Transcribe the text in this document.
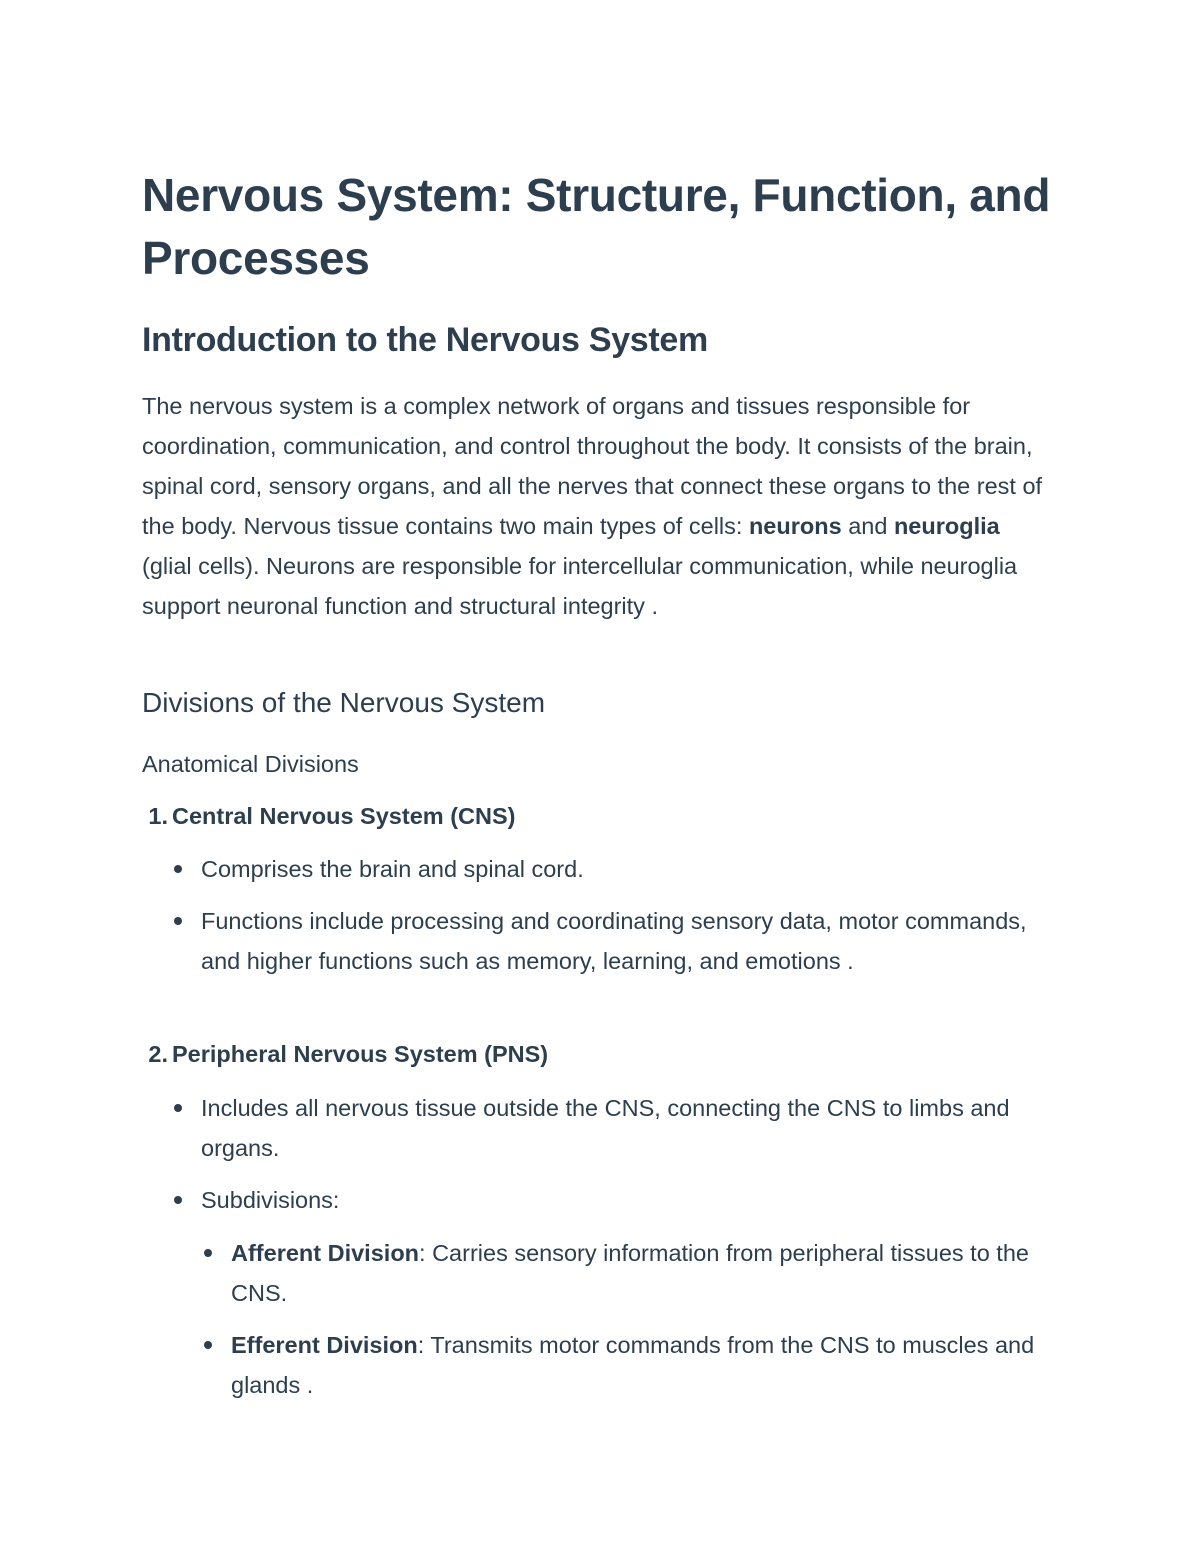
Nervous System: Structure, Function, and Processes
Introduction to the Nervous System

The nervous system is a complex network of organs and tissues responsible for coordination, communication, and control throughout the body. It consists of the brain, spinal cord, sensory organs, and all the nerves that connect these organs to the rest of the body. Nervous tissue contains two main types of cells: neurons and neuroglia (glial cells). Neurons are responsible for intercellular communication, while neuroglia support neuronal function and structural integrity .

Divisions of the Nervous System
Anatomical Divisions
1. Central Nervous System (CNS)
Comprises the brain and spinal cord.
Functions include processing and coordinating sensory data, motor commands, and higher functions such as memory, learning, and emotions .
2. Peripheral Nervous System (PNS)
Includes all nervous tissue outside the CNS, connecting the CNS to limbs and organs.
Subdivisions:
Afferent Division: Carries sensory information from peripheral tissues to the CNS.
Efferent Division: Transmits motor commands from the CNS to muscles and glands .
